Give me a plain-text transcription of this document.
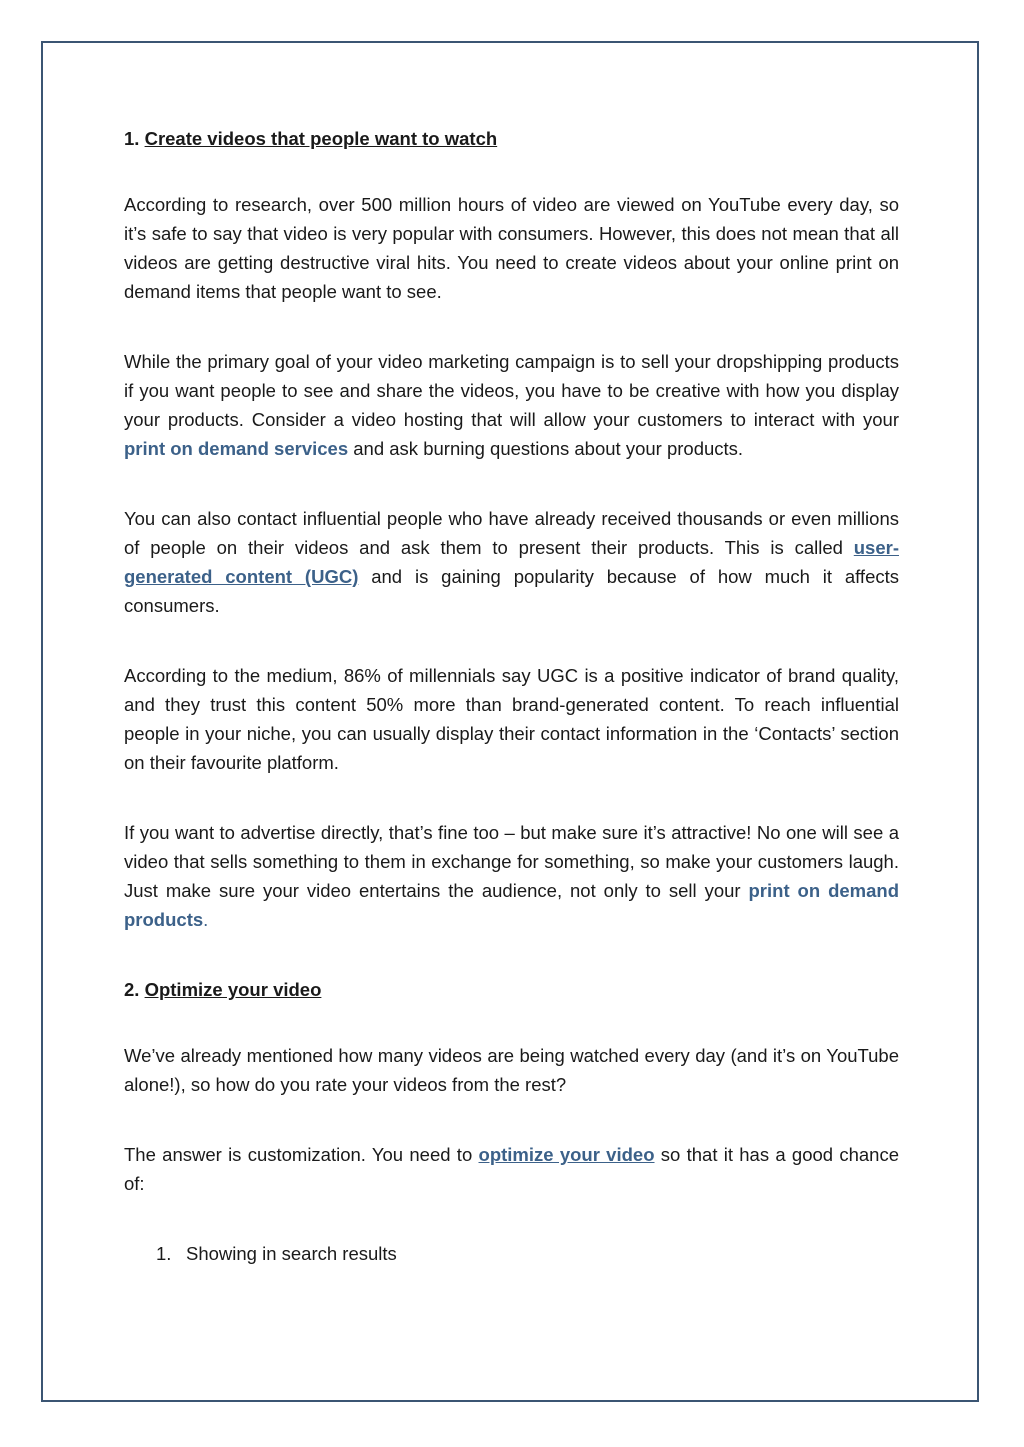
1. Create videos that people want to watch

According to research, over 500 million hours of video are viewed on YouTube every day, so it’s safe to say that video is very popular with consumers. However, this does not mean that all videos are getting destructive viral hits. You need to create videos about your online print on demand items that people want to see.

While the primary goal of your video marketing campaign is to sell your dropshipping products if you want people to see and share the videos, you have to be creative with how you display your products. Consider a video hosting that will allow your customers to interact with your print on demand services and ask burning questions about your products.

You can also contact influential people who have already received thousands or even millions of people on their videos and ask them to present their products. This is called user-generated content (UGC) and is gaining popularity because of how much it affects consumers.

According to the medium, 86% of millennials say UGC is a positive indicator of brand quality, and they trust this content 50% more than brand-generated content. To reach influential people in your niche, you can usually display their contact information in the ‘Contacts’ section on their favourite platform.

If you want to advertise directly, that’s fine too – but make sure it’s attractive! No one will see a video that sells something to them in exchange for something, so make your customers laugh. Just make sure your video entertains the audience, not only to sell your print on demand products.

2. Optimize your video

We’ve already mentioned how many videos are being watched every day (and it’s on YouTube alone!), so how do you rate your videos from the rest?

The answer is customization. You need to optimize your video so that it has a good chance of:

1. Showing in search results
